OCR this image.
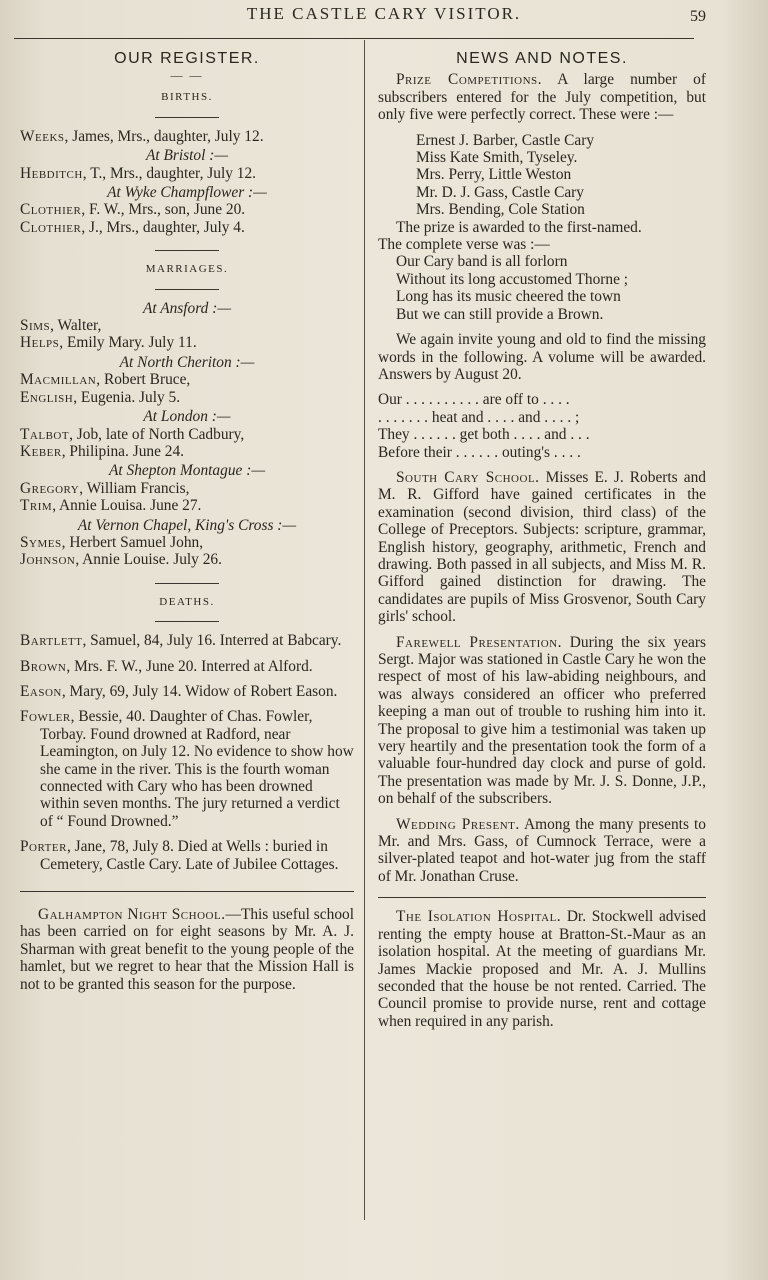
THE CASTLE CARY VISITOR.	59
OUR REGISTER.
— —
BIRTHS.
Weeks, James, Mrs., daughter, July 12.
At Bristol :—
Hebditch, T., Mrs., daughter, July 12.
At Wyke Champflower :—
Clothier, F. W., Mrs., son, June 20.
Clothier, J., Mrs., daughter, July 4.
MARRIAGES.
At Ansford :—
Sims, Walter,
Helps, Emily Mary. July 11.
At North Cheriton :—
Macmillan, Robert Bruce,
English, Eugenia. July 5.
At London :—
Talbot, Job, late of North Cadbury,
Keber, Philipina. June 24.
At Shepton Montague :—
Gregory, William Francis,
Trim, Annie Louisa. June 27.
At Vernon Chapel, King's Cross :—
Symes, Herbert Samuel John,
Johnson, Annie Louise. July 26.
DEATHS.
Bartlett, Samuel, 84, July 16. Interred at Babcary.
Brown, Mrs. F. W., June 20. Interred at Alford.
Eason, Mary, 69, July 14. Widow of Robert Eason.
Fowler, Bessie, 40. Daughter of Chas. Fowler, Torbay. Found drowned at Radford, near Leamington, on July 12. No evidence to show how she came in the river. This is the fourth woman connected with Cary who has been drowned within seven months. The jury returned a verdict of “ Found Drowned.”
Porter, Jane, 78, July 8. Died at Wells : buried in Cemetery, Castle Cary. Late of Jubilee Cottages.

Galhampton Night School.—This useful school has been carried on for eight seasons by Mr. A. J. Sharman with great benefit to the young people of the hamlet, but we regret to hear that the Mission Hall is not to be granted this season for the purpose.

NEWS AND NOTES.

Prize Competitions. A large number of subscribers entered for the July competition, but only five were perfectly correct. These were :—

Ernest J. Barber, Castle Cary
Miss Kate Smith, Tyseley.
Mrs. Perry, Little Weston
Mr. D. J. Gass, Castle Cary
Mrs. Bending, Cole Station
The prize is awarded to the first-named.
The complete verse was :—
Our Cary band is all forlorn
Without its long accustomed Thorne ;
Long has its music cheered the town
But we can still provide a Brown.

We again invite young and old to find the missing words in the following. A volume will be awarded. Answers by August 20.

Our . . . . . . . . . . are off to . . . .
. . . . . . . heat and . . . . and . . . . ;
They . . . . . . get both . . . . and . . .
Before their . . . . . . outing's . . . .

South Cary School. Misses E. J. Roberts and M. R. Gifford have gained certificates in the examination (second division, third class) of the College of Preceptors. Subjects: scripture, grammar, English history, geography, arithmetic, French and drawing. Both passed in all subjects, and Miss M. R. Gifford gained distinction for drawing. The candidates are pupils of Miss Grosvenor, South Cary girls' school.

Farewell Presentation. During the six years Sergt. Major was stationed in Castle Cary he won the respect of most of his law-abiding neighbours, and was always considered an officer who preferred keeping a man out of trouble to rushing him into it. The proposal to give him a testimonial was taken up very heartily and the presentation took the form of a valuable four-hundred day clock and purse of gold. The presentation was made by Mr. J. S. Donne, J.P., on behalf of the subscribers.

Wedding Present. Among the many presents to Mr. and Mrs. Gass, of Cumnock Terrace, were a silver-plated teapot and hot-water jug from the staff of Mr. Jonathan Cruse.

The Isolation Hospital. Dr. Stockwell advised renting the empty house at Bratton-St.-Maur as an isolation hospital. At the meeting of guardians Mr. James Mackie proposed and Mr. A. J. Mullins seconded that the house be not rented. Carried. The Council promise to provide nurse, rent and cottage when required in any parish.
